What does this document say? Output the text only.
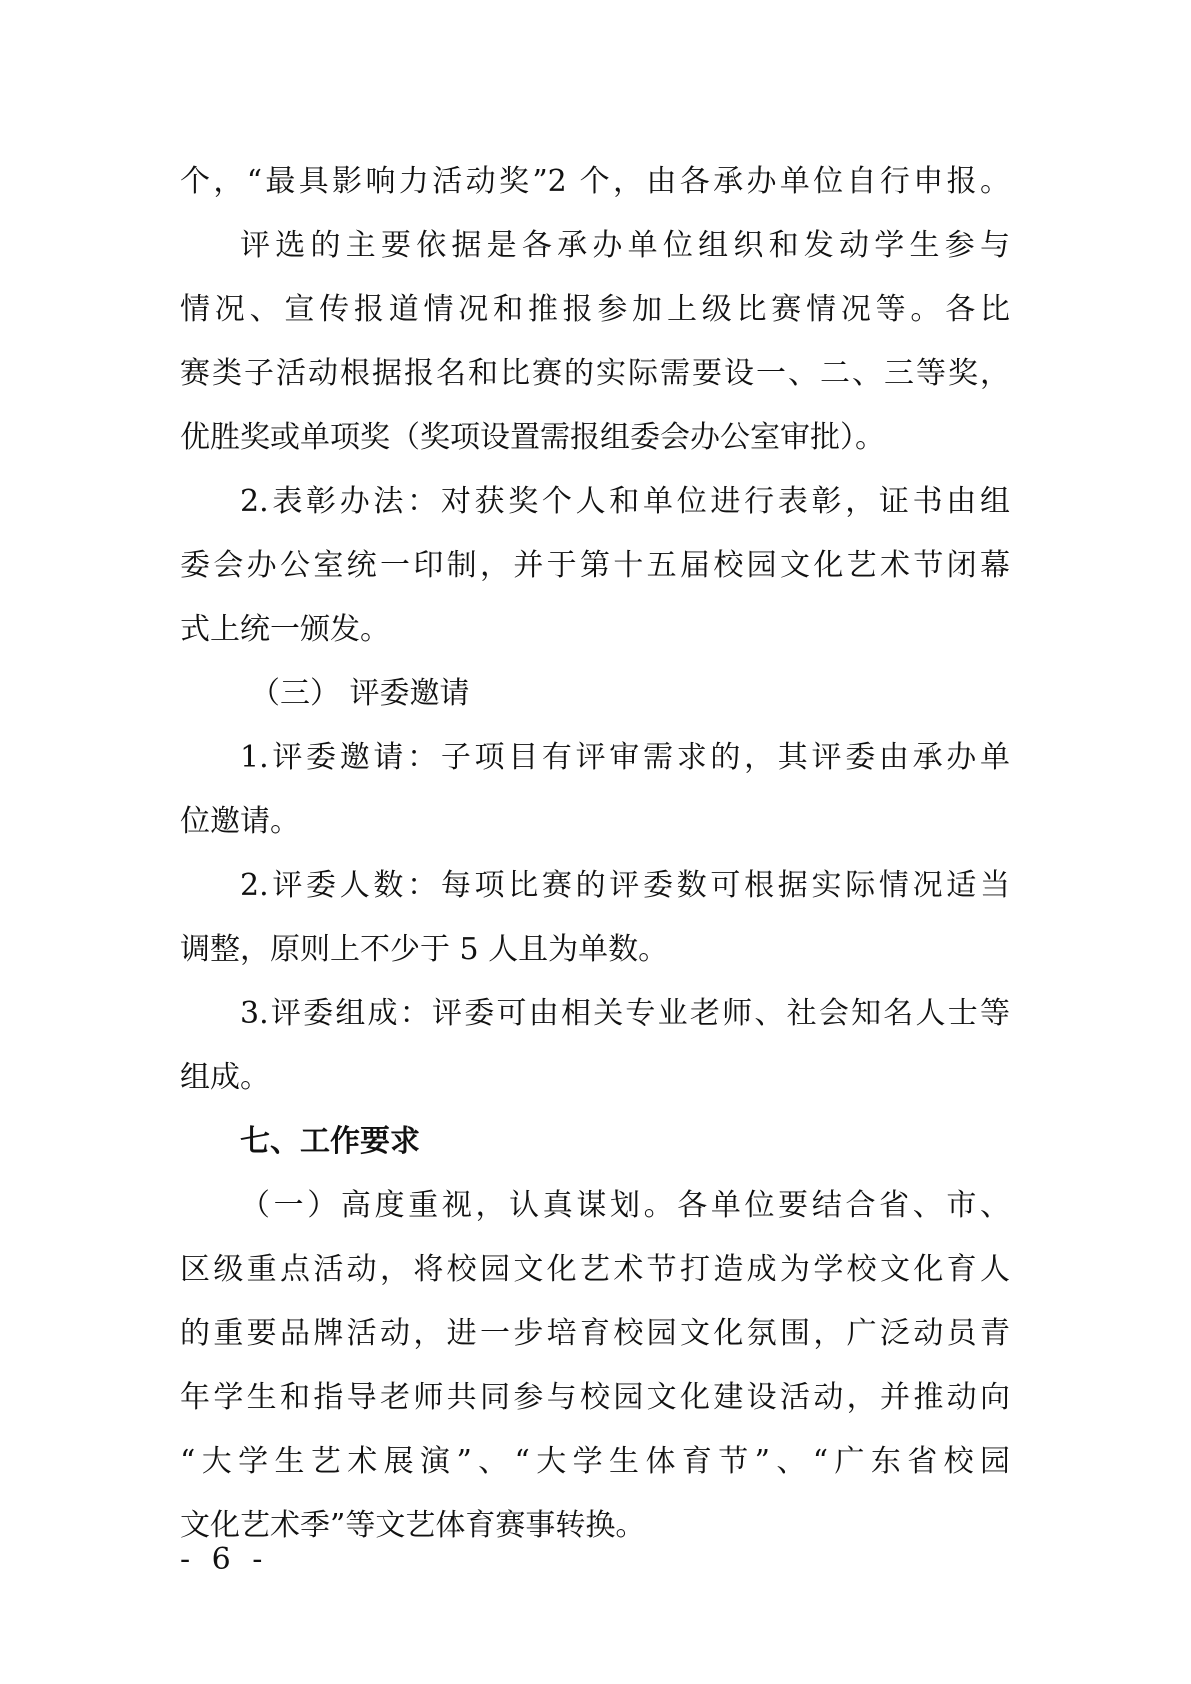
个，“最具影响力活动奖”2 个，由各承办单位自行申报。
评选的主要依据是各承办单位组织和发动学生参与
情况、宣传报道情况和推报参加上级比赛情况等。各比
赛类子活动根据报名和比赛的实际需要设一、二、三等奖，
优胜奖或单项奖（奖项设置需报组委会办公室审批）。
2.表彰办法：对获奖个人和单位进行表彰，证书由组
委会办公室统一印制，并于第十五届校园文化艺术节闭幕
式上统一颁发。
（三） 评委邀请
1.评委邀请：子项目有评审需求的，其评委由承办单
位邀请。
2.评委人数：每项比赛的评委数可根据实际情况适当
调整，原则上不少于 5 人且为单数。
3.评委组成：评委可由相关专业老师、社会知名人士等
组成。
七、工作要求
（一）高度重视，认真谋划。各单位要结合省、市、
区级重点活动，将校园文化艺术节打造成为学校文化育人
的重要品牌活动，进一步培育校园文化氛围，广泛动员青
年学生和指导老师共同参与校园文化建设活动，并推动向
“大学生艺术展演”、“大学生体育节”、“广东省校园
文化艺术季”等文艺体育赛事转换。
- 6 -
